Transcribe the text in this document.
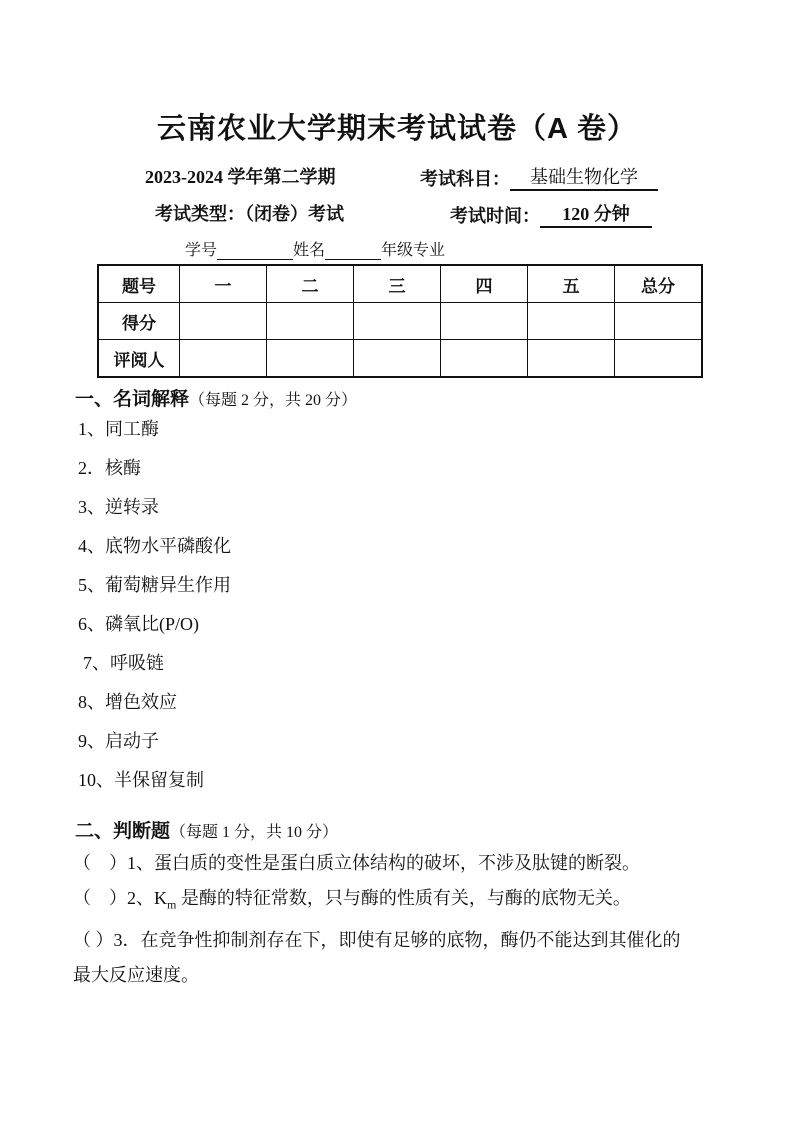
云南农业大学期末考试试卷（A 卷）
2023-2024 学年第二学期	考试科目： 基础生物化学
考试类型：（闭卷）考试	考试时间： 120 分钟
学号	姓名	年级专业
题号	一	二	三	四	五	总分
得分						
评阅人						
一、名词解释（每题 2 分，共 20 分）
1、同工酶
2．核酶
3、逆转录
4、底物水平磷酸化
5、葡萄糖异生作用
6、磷氧比(P/O)
7、呼吸链
8、增色效应
9、启动子
10、半保留复制
二、判断题（每题 1 分，共 10 分）

（　）1、蛋白质的变性是蛋白质立体结构的破坏，不涉及肽键的断裂。

（　）2、$K_m$ 是酶的特征常数，只与酶的性质有关，与酶的底物无关。

（ ）3．在竞争性抑制剂存在下，即使有足够的底物，酶仍不能达到其催化的最大反应速度。
